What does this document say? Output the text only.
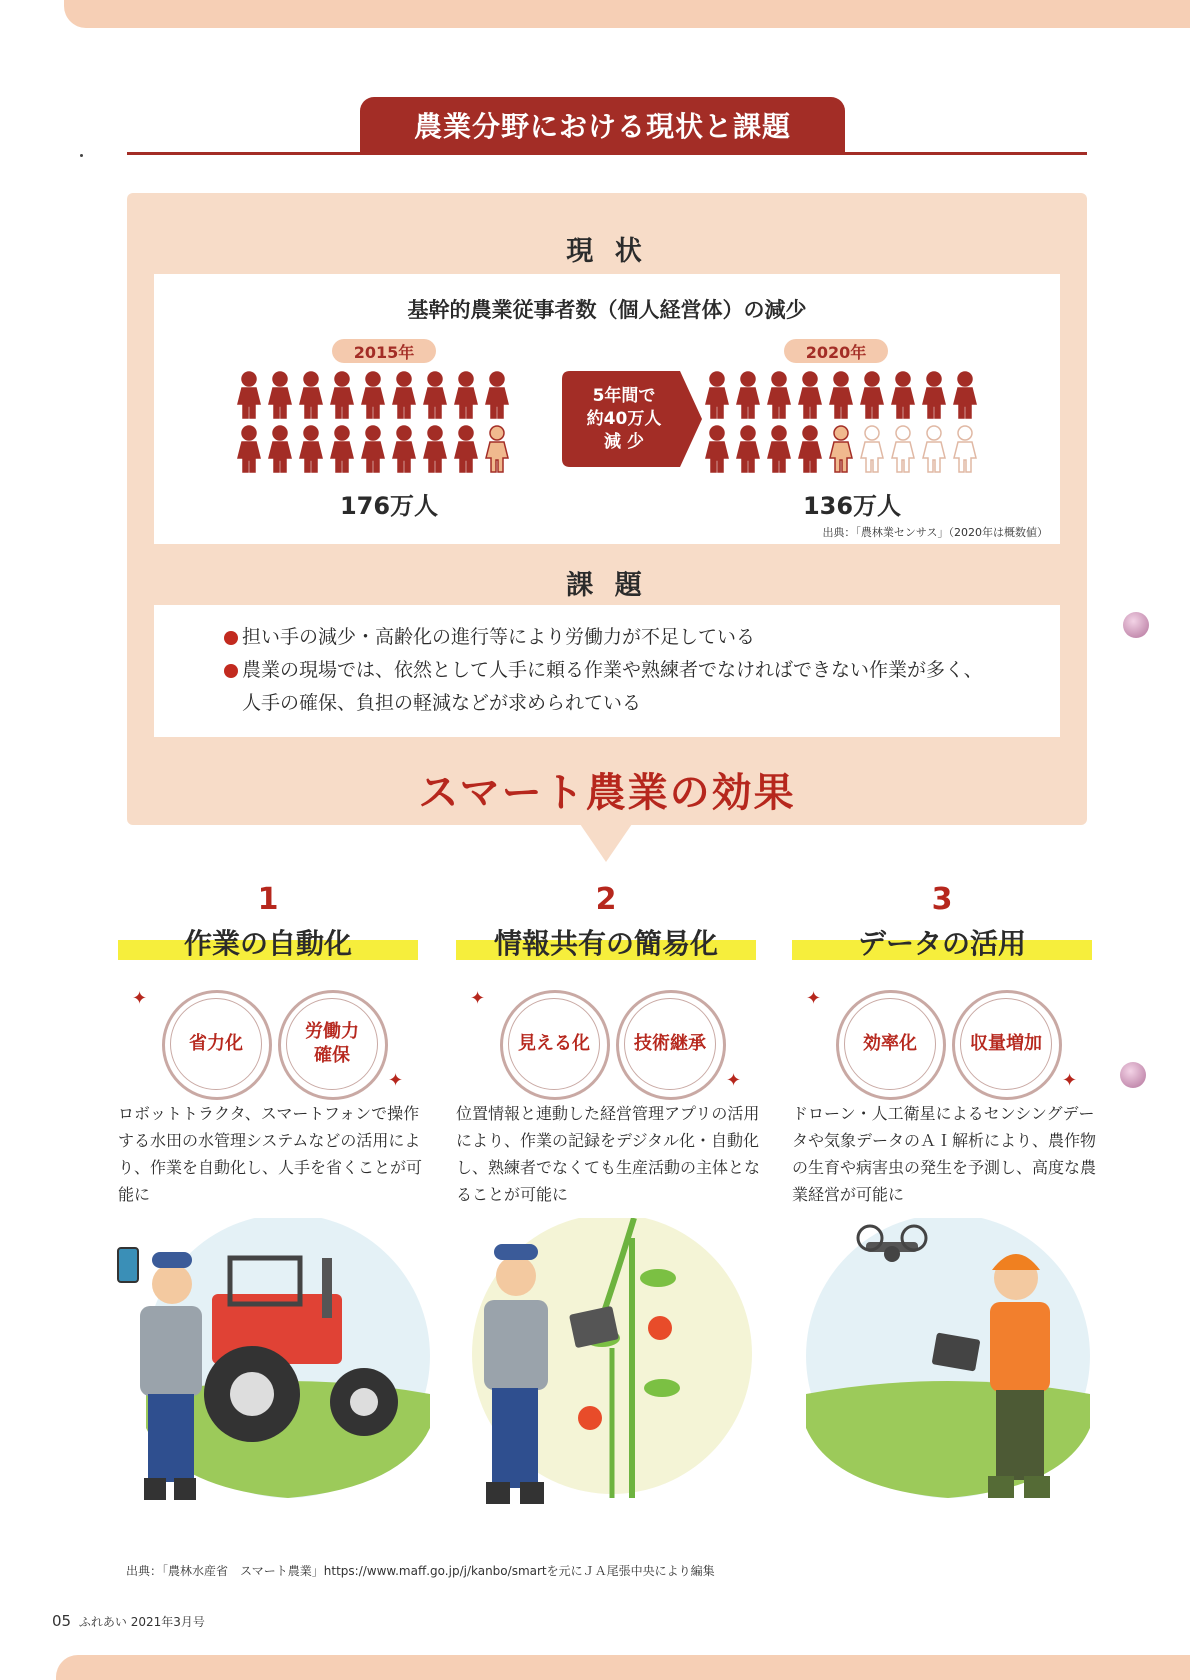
農業分野における現状と課題
現 状
基幹的農業従事者数（個人経営体）の減少
2015年	2020年
5年間で
約40万人
減 少
176万人	136万人
出典：「農林業センサス」（2020年は概数値）
課 題
担い手の減少・高齢化の進行等により労働力が不足している
農業の現場では、依然として人手に頼る作業や熟練者でなければできない作業が多く、
人手の確保、負担の軽減などが求められている
スマート農業の効果
1
作業の自動化
✦
省力化
労働力
確保
✦
ロボットトラクタ、スマートフォンで操作する水田の水管理システムなどの活用により、作業を自動化し、人手を省くことが可能に
2
情報共有の簡易化
✦
見える化	技術継承
✦
位置情報と連動した経営管理アプリの活用により、作業の記録をデジタル化・自動化し、熟練者でなくても生産活動の主体となることが可能に
3
データの活用
✦
効率化	収量増加
✦
ドローン・人工衛星によるセンシングデータや気象データのＡＩ解析により、農作物の生育や病害虫の発生を予測し、高度な農業経営が可能に
出典：「農林水産省　スマート農業」https://www.maff.go.jp/j/kanbo/smartを元にＪＡ尾張中央により編集
05 ふれあい 2021年3月号
